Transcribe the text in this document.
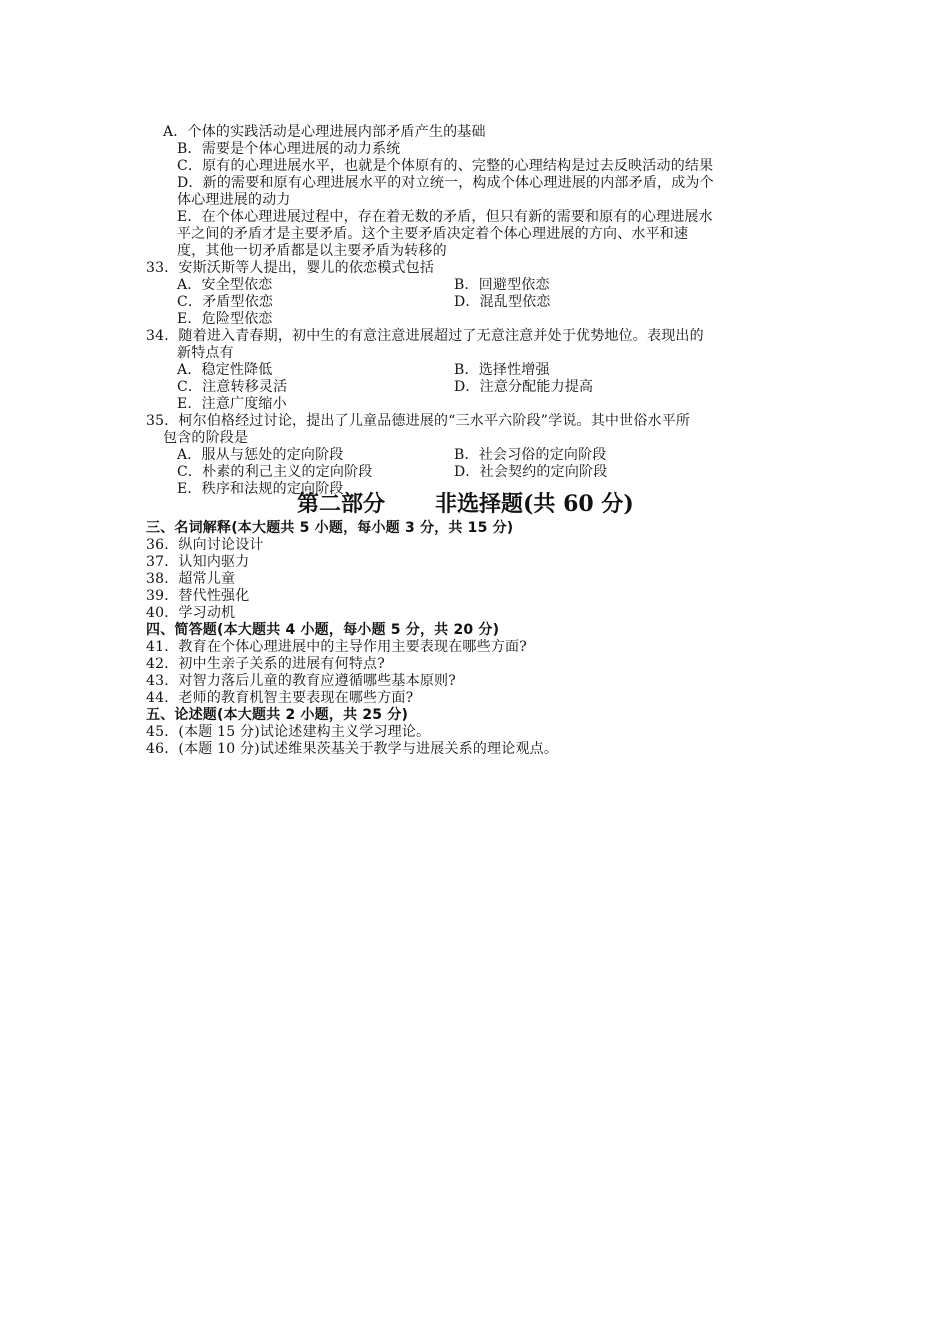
A．个体的实践活动是心理进展内部矛盾产生的基础
B．需要是个体心理进展的动力系统
C．原有的心理进展水平，也就是个体原有的、完整的心理结构是过去反映活动的结果
D．新的需要和原有心理进展水平的对立统一，构成个体心理进展的内部矛盾，成为个
体心理进展的动力
E．在个体心理进展过程中，存在着无数的矛盾，但只有新的需要和原有的心理进展水
平之间的矛盾才是主要矛盾。这个主要矛盾决定着个体心理进展的方向、水平和速
度，其他一切矛盾都是以主要矛盾为转移的
33．安斯沃斯等人提出，婴儿的依恋模式包括
A．安全型依恋	B．回避型依恋
C．矛盾型依恋	D．混乱型依恋
E．危险型依恋
34．随着进入青春期，初中生的有意注意进展超过了无意注意并处于优势地位。表现出的
新特点有
A．稳定性降低	B．选择性增强
C．注意转移灵活	D．注意分配能力提高
E．注意广度缩小
35．柯尔伯格经过讨论，提出了儿童品德进展的“三水平六阶段”学说。其中世俗水平所
包含的阶段是
A．服从与惩处的定向阶段	B．社会习俗的定向阶段
C．朴素的利己主义的定向阶段	D．社会契约的定向阶段
E．秩序和法规的定向阶段
第二部分 非选择题(共 60 分)
三、名词解释(本大题共 5 小题，每小题 3 分，共 15 分)
36．纵向讨论设计
37．认知内驱力
38．超常儿童
39．替代性强化
40．学习动机
四、简答题(本大题共 4 小题，每小题 5 分，共 20 分)
41．教育在个体心理进展中的主导作用主要表现在哪些方面?
42．初中生亲子关系的进展有何特点?
43．对智力落后儿童的教育应遵循哪些基本原则?
44．老师的教育机智主要表现在哪些方面?
五、论述题(本大题共 2 小题，共 25 分)
45．(本题 15 分)试论述建构主义学习理论。
46．(本题 10 分)试述维果茨基关于教学与进展关系的理论观点。
